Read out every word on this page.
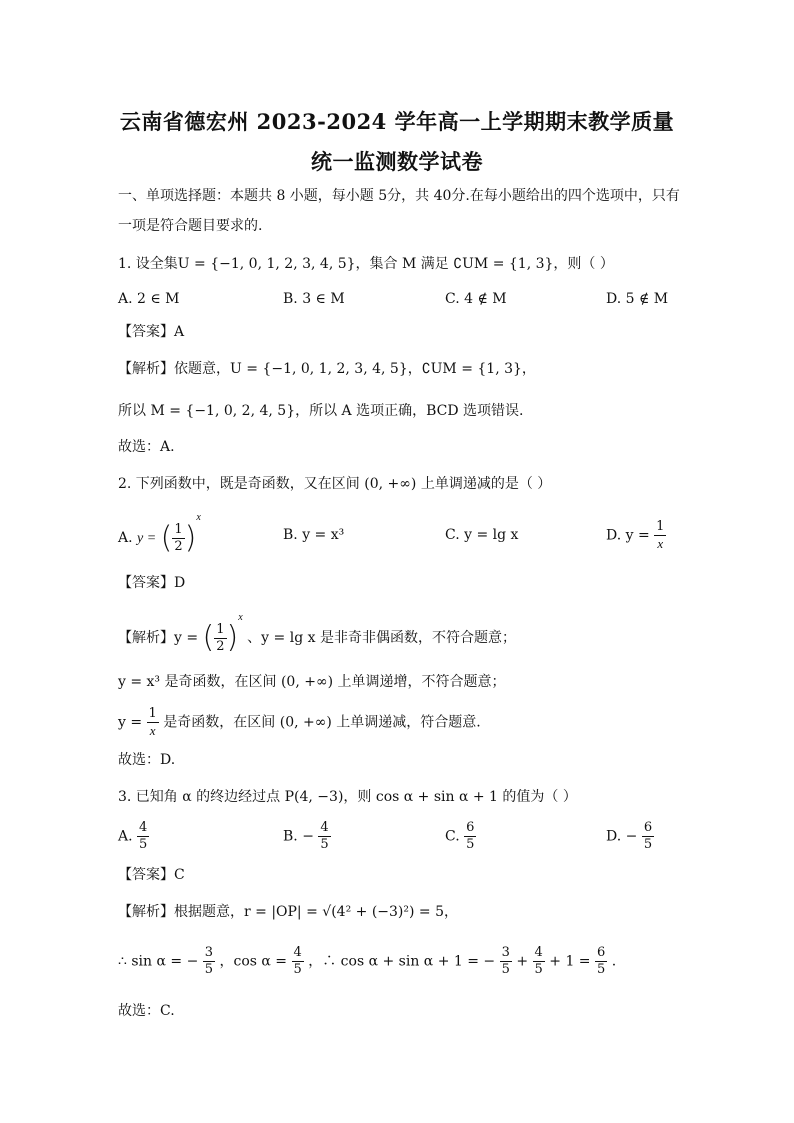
云南省德宏州 2023-2024 学年高一上学期期末教学质量
统一监测数学试卷
一、单项选择题：本题共 8 小题，每小题 5分，共 40分.在每小题给出的四个选项中，只有
一项是符合题目要求的.
1. 设全集U = {−1, 0, 1, 2, 3, 4, 5}，集合 M 满足 ∁UM = {1, 3}，则（ ）
A. 2 ∈ M	B. 3 ∈ M	C. 4 ∉ M	D. 5 ∉ M
【答案】A
【解析】依题意，U = {−1, 0, 1, 2, 3, 4, 5}，∁UM = {1, 3}，
所以 M = {−1, 0, 2, 4, 5}，所以 A 选项正确，BCD 选项错误.
故选：A.
2. 下列函数中，既是奇函数，又在区间 (0, +∞) 上单调递减的是（ ）
A. y = ( $\frac{1}{2} )^x$
B. y = x³	C. y = lg x	D. $y = \frac{1}{x}$
【答案】D
【解析】y = ( $\frac{1}{2} )^x$ 、y = lg x 是非奇非偶函数，不符合题意；
y = x³ 是奇函数，在区间 (0, +∞) 上单调递增，不符合题意；
$y = \frac{1}{x}$ 是奇函数，在区间 (0, +∞) 上单调递减，符合题意.
故选：D.
3. 已知角 α 的终边经过点 P(4, −3)，则 cos α + sin α + 1 的值为（ ）
A. $\frac{4}{5}$	B. − $\frac{4}{5}$	C. $\frac{6}{5}$	D. − $\frac{6}{5}$
【答案】C
【解析】根据题意，r = |OP| = √(4² + (−3)²) = 5，
∴ sin α = − $\frac{3}{5}$ ，$\cos \alpha = \frac{4}{5}$ ，∴ cos α + sin α + 1 = − $\frac{3}{5} + \frac{4}{5} + 1 = \frac{6}{5}$ .
故选：C.
